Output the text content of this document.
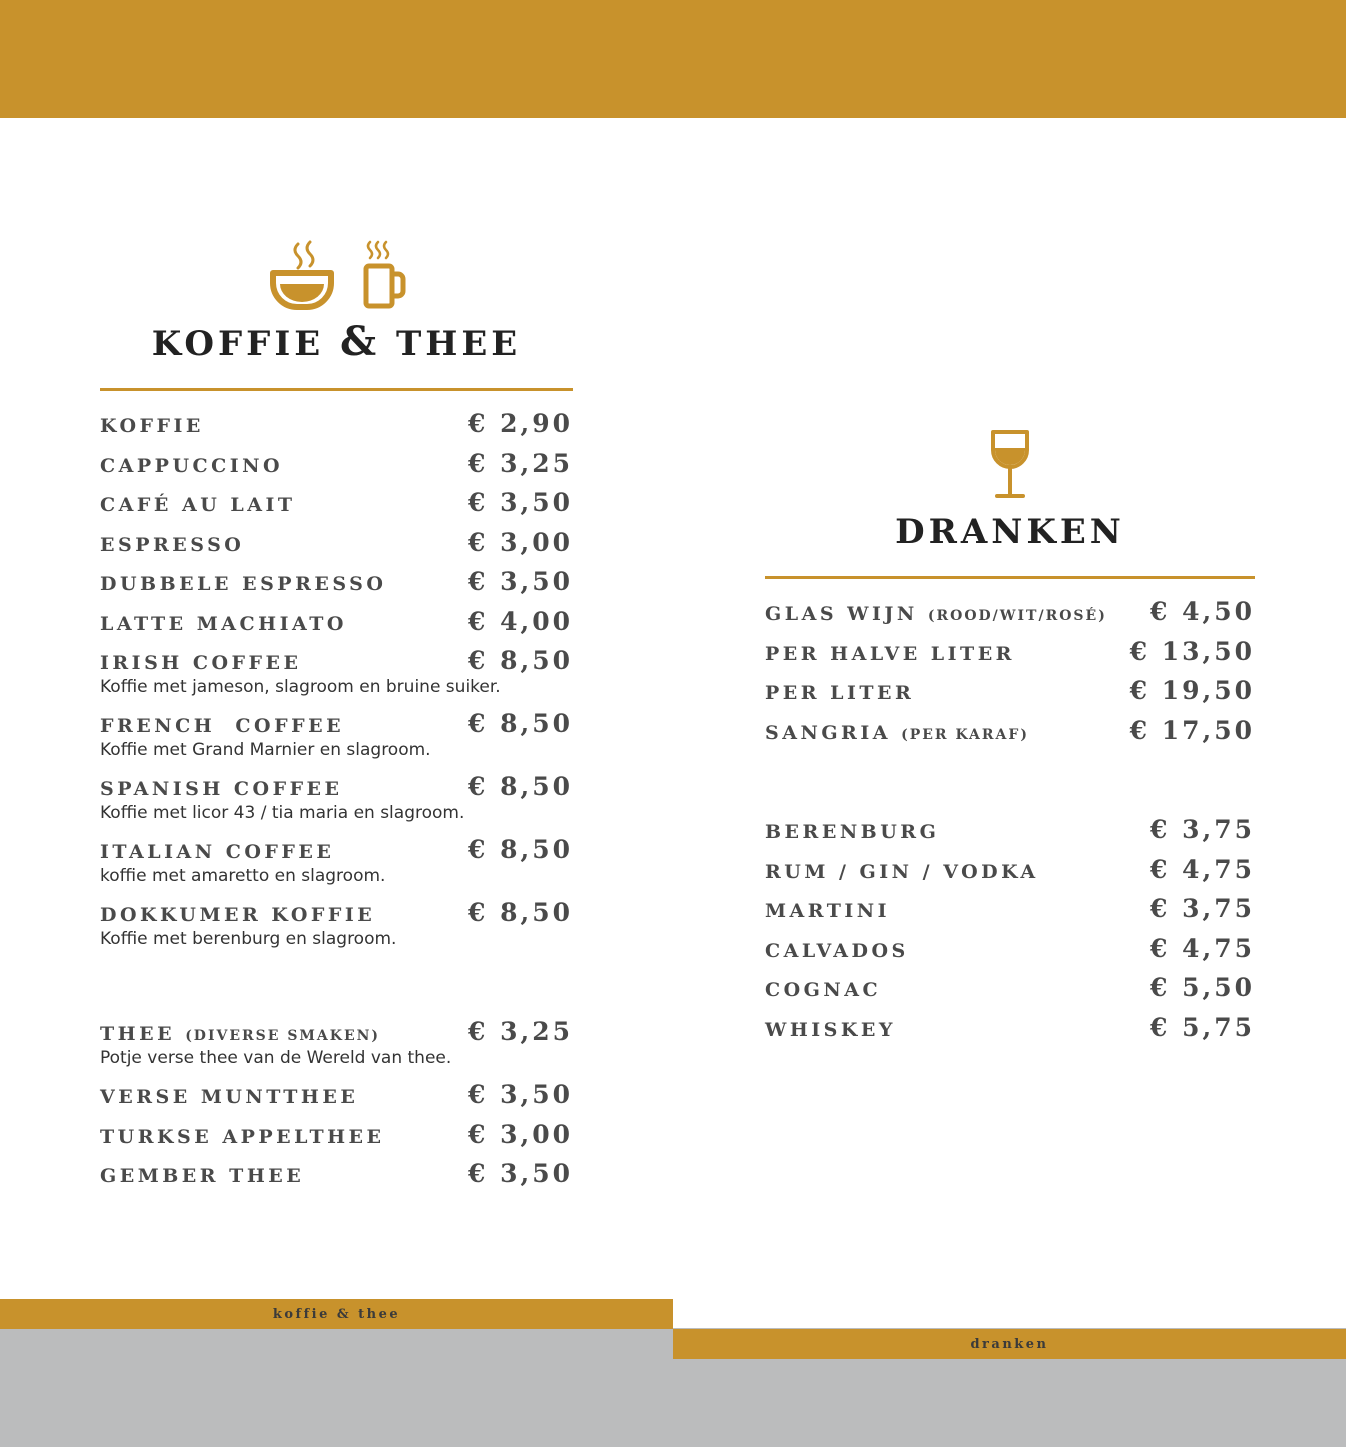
KOFFIE & THEE
KOFFIE	€ 2,90
CAPPUCCINO	€ 3,25
CAFÉ AU LAIT	€ 3,50
ESPRESSO	€ 3,00
DUBBELE ESPRESSO	€ 3,50
LATTE MACHIATO	€ 4,00
IRISH COFFEE	€ 8,50
Koffie met jameson, slagroom en bruine suiker.
FRENCH  COFFEE	€ 8,50
Koffie met Grand Marnier en slagroom.
SPANISH COFFEE	€ 8,50
Koffie met licor 43 / tia maria en slagroom.
ITALIAN COFFEE	€ 8,50
koffie met amaretto en slagroom.
DOKKUMER KOFFIE	€ 8,50
Koffie met berenburg en slagroom.
THEE (DIVERSE SMAKEN)	€ 3,25
Potje verse thee van de Wereld van thee.
VERSE MUNTTHEE	€ 3,50
TURKSE APPELTHEE	€ 3,00
GEMBER THEE	€ 3,50
DRANKEN
GLAS WIJN (ROOD/WIT/ROSÉ) € 4,50
PER HALVE LITER	€ 13,50
PER LITER	€ 19,50
SANGRIA (PER KARAF)	€ 17,50
BERENBURG	€ 3,75
RUM / GIN / VODKA	€ 4,75
MARTINI	€ 3,75
CALVADOS	€ 4,75
COGNAC	€ 5,50
WHISKEY	€ 5,75
koffie & thee
dranken
